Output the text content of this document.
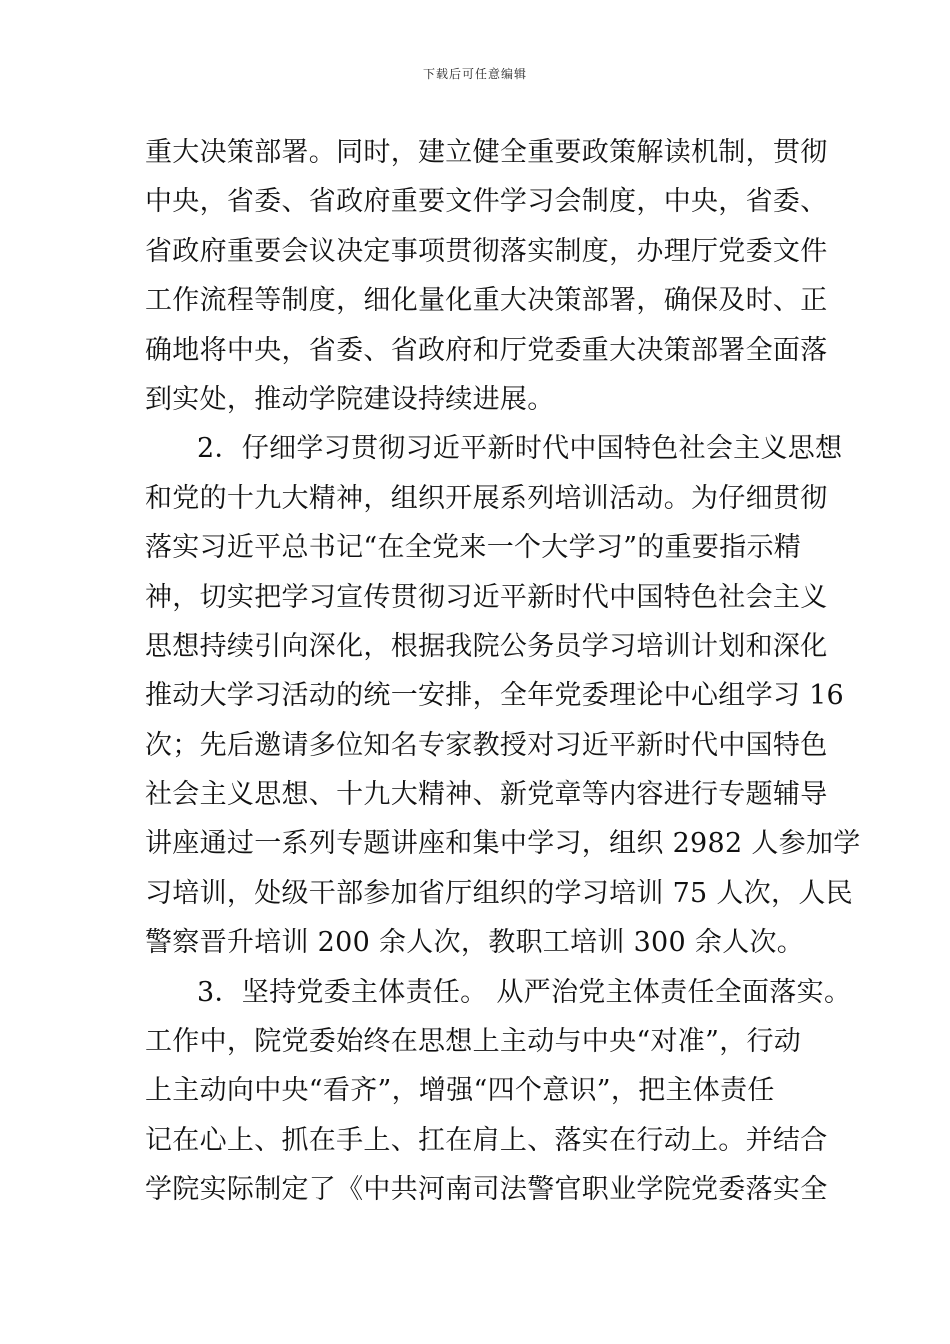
下载后可任意编辑
重大决策部署。同时，建立健全重要政策解读机制，贯彻
中央，省委、省政府重要文件学习会制度，中央，省委、
省政府重要会议决定事项贯彻落实制度，办理厅党委文件
工作流程等制度，细化量化重大决策部署，确保及时、正
确地将中央，省委、省政府和厅党委重大决策部署全面落
到实处，推动学院建设持续进展。
2．仔细学习贯彻习近平新时代中国特色社会主义思想
和党的十九大精神，组织开展系列培训活动。为仔细贯彻
落实习近平总书记“在全党来一个大学习”的重要指示精
神，切实把学习宣传贯彻习近平新时代中国特色社会主义
思想持续引向深化，根据我院公务员学习培训计划和深化
推动大学习活动的统一安排，全年党委理论中心组学习 16
次；先后邀请多位知名专家教授对习近平新时代中国特色
社会主义思想、十九大精神、新党章等内容进行专题辅导
讲座通过一系列专题讲座和集中学习，组织 2982 人参加学
习培训，处级干部参加省厅组织的学习培训 75 人次，人民
警察晋升培训 200 余人次，教职工培训 300 余人次。
3．坚持党委主体责任。 从严治党主体责任全面落实。
工作中，院党委始终在思想上主动与中央“对准”，行动
上主动向中央“看齐”，增强“四个意识”，把主体责任
记在心上、抓在手上、扛在肩上、落实在行动上。并结合
学院实际制定了《中共河南司法警官职业学院党委落实全
